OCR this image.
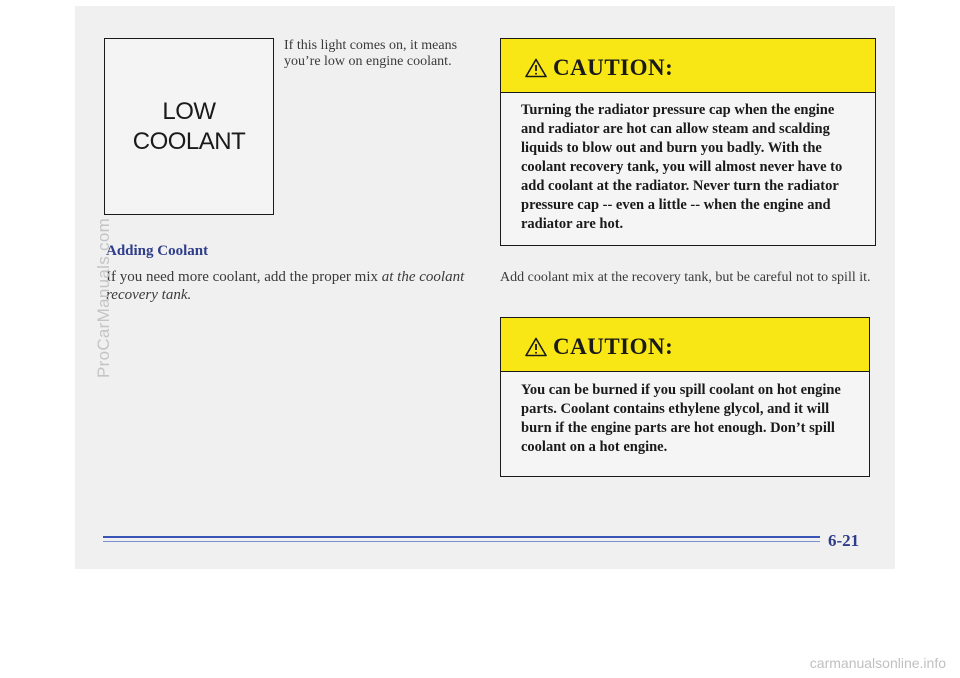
LOW
COOLANT
If this light comes on, it means you’re low on engine coolant.
Adding Coolant
If you need more coolant, add the proper mix at the coolant recovery tank.
CAUTION:
Turning the radiator pressure cap when the engine and radiator are hot can allow steam and scalding liquids to blow out and burn you badly. With the coolant recovery tank, you will almost never have to add coolant at the radiator. Never turn the radiator pressure cap -- even a little -- when the engine and radiator are hot.
Add coolant mix at the recovery tank, but be careful not to spill it.
CAUTION:
You can be burned if you spill coolant on hot engine parts. Coolant contains ethylene glycol, and it will burn if the engine parts are hot enough. Don’t spill coolant on a hot engine.
6-21
ProCarManuals.com
carmanualsonline.info
